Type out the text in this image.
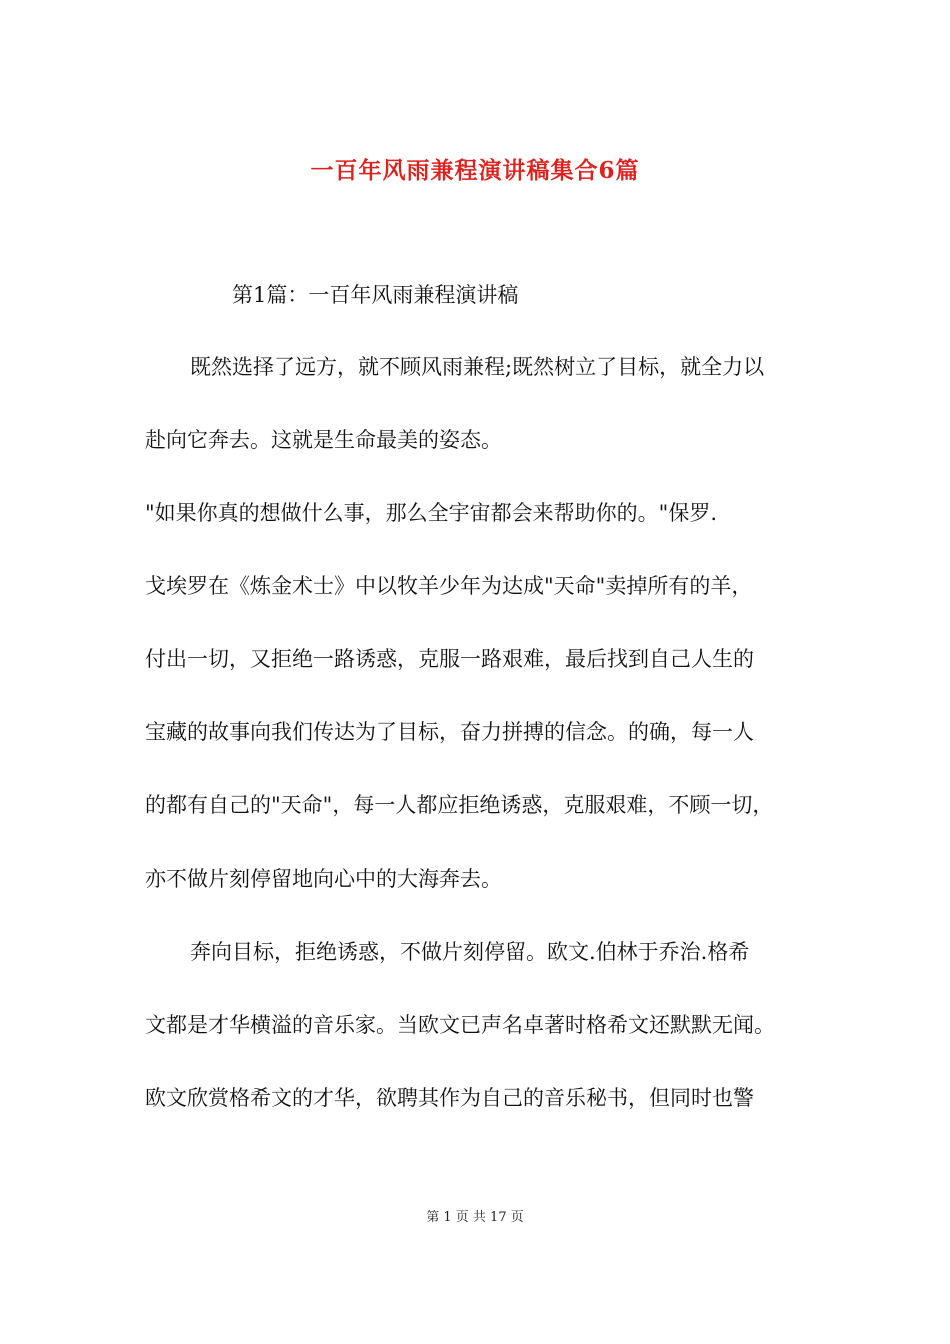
一百年风雨兼程演讲稿集合6篇
第1篇：一百年风雨兼程演讲稿
既然选择了远方，就不顾风雨兼程;既然树立了目标，就全力以
赴向它奔去。这就是生命最美的姿态。
"如果你真的想做什么事，那么全宇宙都会来帮助你的。"保罗.
戈埃罗在《炼金术士》中以牧羊少年为达成"天命"卖掉所有的羊，
付出一切，又拒绝一路诱惑，克服一路艰难，最后找到自己人生的
宝藏的故事向我们传达为了目标，奋力拼搏的信念。的确，每一人
的都有自己的"天命"，每一人都应拒绝诱惑，克服艰难，不顾一切，
亦不做片刻停留地向心中的大海奔去。
奔向目标，拒绝诱惑，不做片刻停留。欧文.伯林于乔治.格希
文都是才华横溢的音乐家。当欧文已声名卓著时格希文还默默无闻。
欧文欣赏格希文的才华，欲聘其作为自己的音乐秘书，但同时也警
第 1 页 共 17 页
